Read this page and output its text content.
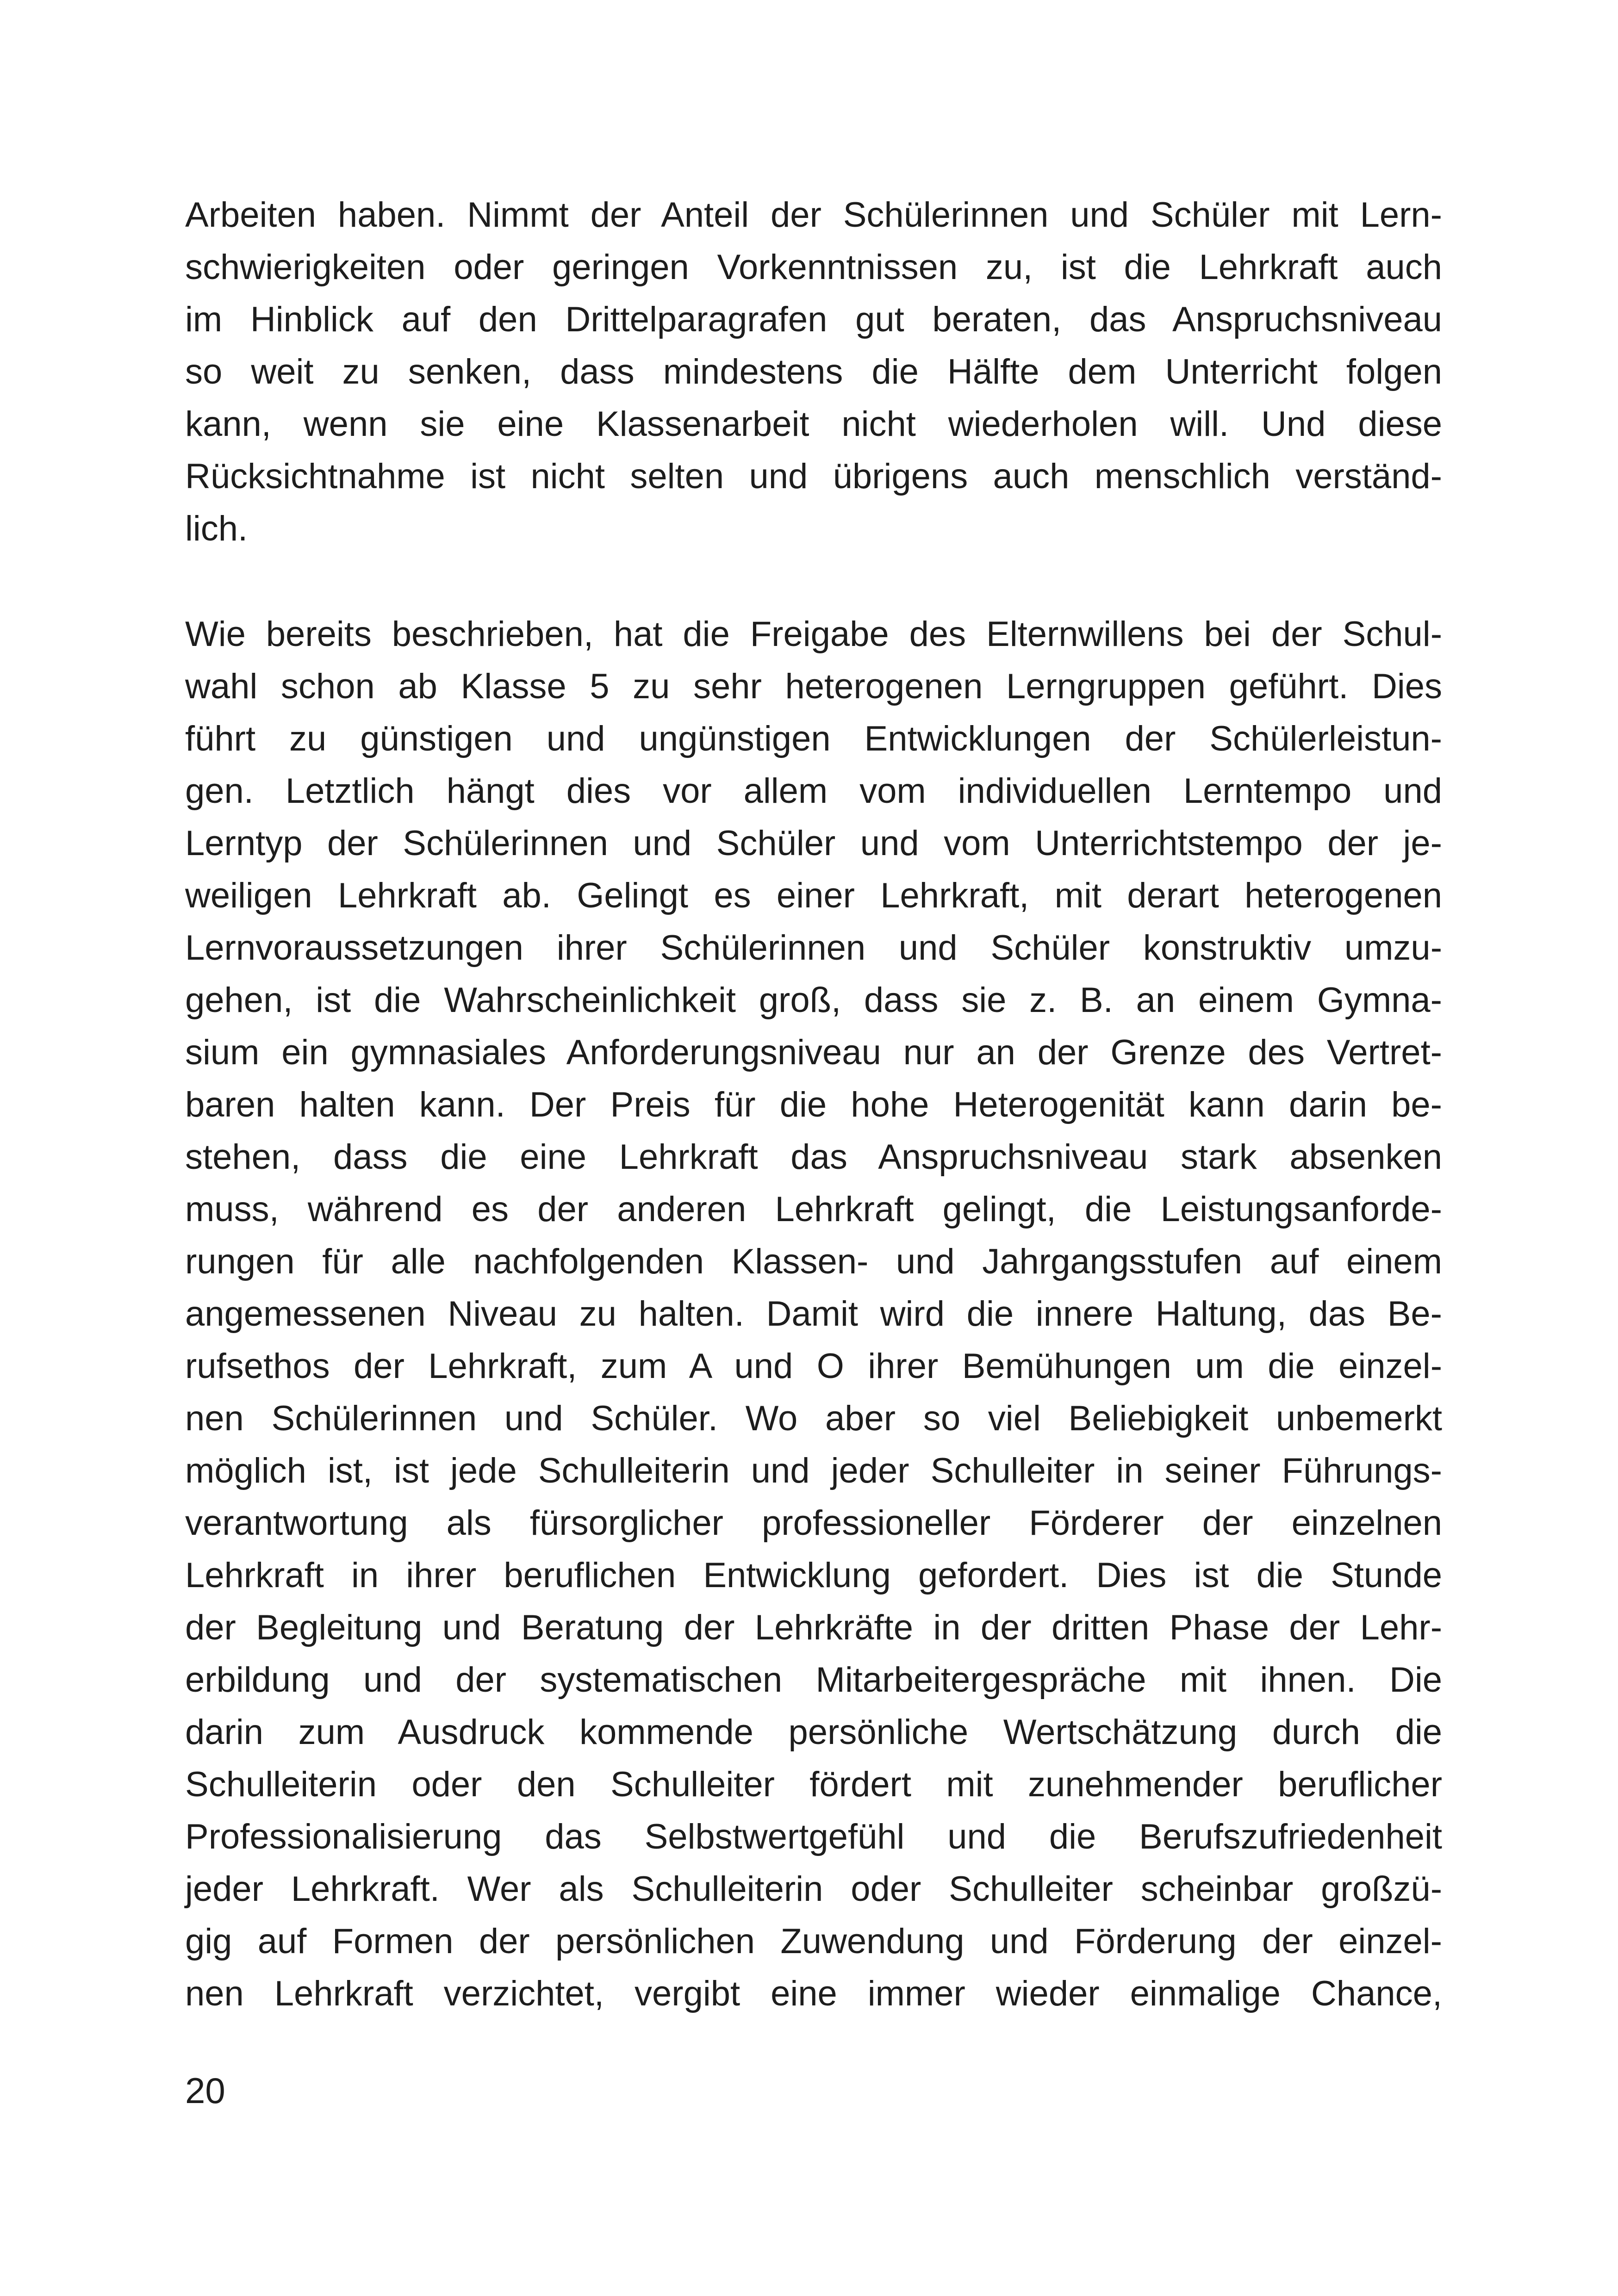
Arbeiten haben. Nimmt der Anteil der Schülerinnen und Schüler mit Lern-
schwierigkeiten oder geringen Vorkenntnissen zu, ist die Lehrkraft auch
im Hinblick auf den Drittelparagrafen gut beraten, das Anspruchsniveau
so weit zu senken, dass mindestens die Hälfte dem Unterricht folgen
kann, wenn sie eine Klassenarbeit nicht wiederholen will. Und diese
Rücksichtnahme ist nicht selten und übrigens auch menschlich verständ-
lich.
Wie bereits beschrieben, hat die Freigabe des Elternwillens bei der Schul-
wahl schon ab Klasse 5 zu sehr heterogenen Lerngruppen geführt. Dies
führt zu günstigen und ungünstigen Entwicklungen der Schülerleistun-
gen. Letztlich hängt dies vor allem vom individuellen Lerntempo und
Lerntyp der Schülerinnen und Schüler und vom Unterrichtstempo der je-
weiligen Lehrkraft ab. Gelingt es einer Lehrkraft, mit derart heterogenen
Lernvoraussetzungen ihrer Schülerinnen und Schüler konstruktiv umzu-
gehen, ist die Wahrscheinlichkeit groß, dass sie z. B. an einem Gymna-
sium ein gymnasiales Anforderungsniveau nur an der Grenze des Vertret-
baren halten kann. Der Preis für die hohe Heterogenität kann darin be-
stehen, dass die eine Lehrkraft das Anspruchsniveau stark absenken
muss, während es der anderen Lehrkraft gelingt, die Leistungsanforde-
rungen für alle nachfolgenden Klassen- und Jahrgangsstufen auf einem
angemessenen Niveau zu halten. Damit wird die innere Haltung, das Be-
rufsethos der Lehrkraft, zum A und O ihrer Bemühungen um die einzel-
nen Schülerinnen und Schüler. Wo aber so viel Beliebigkeit unbemerkt
möglich ist, ist jede Schulleiterin und jeder Schulleiter in seiner Führungs-
verantwortung als fürsorglicher professioneller Förderer der einzelnen
Lehrkraft in ihrer beruflichen Entwicklung gefordert. Dies ist die Stunde
der Begleitung und Beratung der Lehrkräfte in der dritten Phase der Lehr-
erbildung und der systematischen Mitarbeitergespräche mit ihnen. Die
darin zum Ausdruck kommende persönliche Wertschätzung durch die
Schulleiterin oder den Schulleiter fördert mit zunehmender beruflicher
Professionalisierung das Selbstwertgefühl und die Berufszufriedenheit
jeder Lehrkraft. Wer als Schulleiterin oder Schulleiter scheinbar großzü-
gig auf Formen der persönlichen Zuwendung und Förderung der einzel-
nen Lehrkraft verzichtet, vergibt eine immer wieder einmalige Chance,
20
